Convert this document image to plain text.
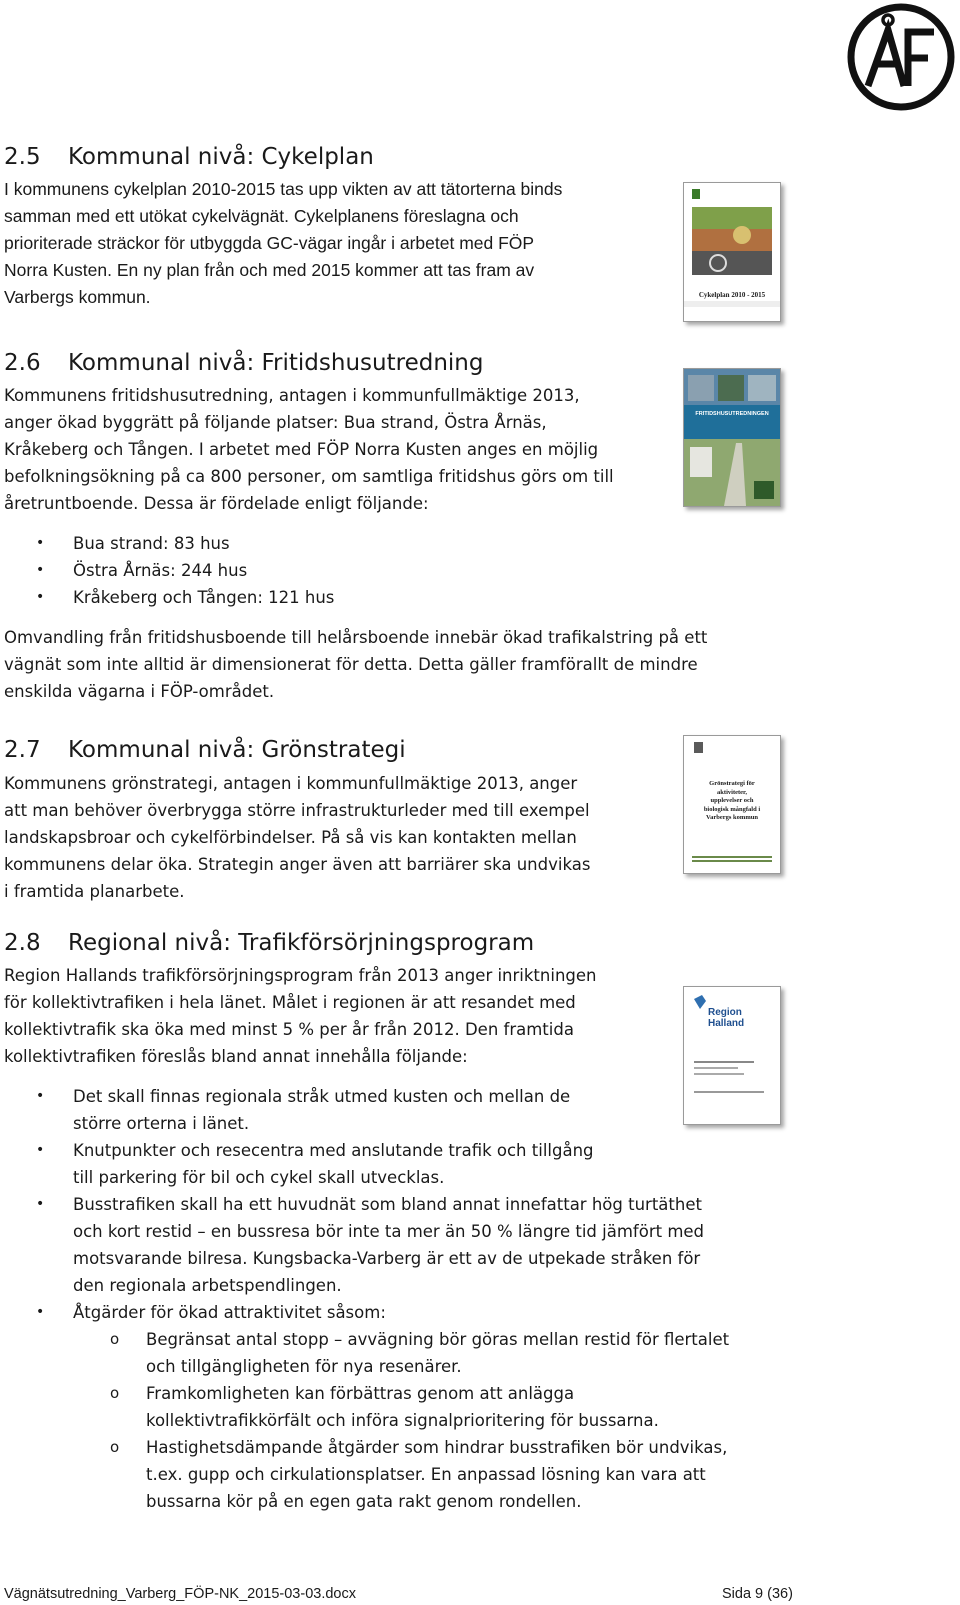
2.5 Kommunal nivå: Cykelplan

I kommunens cykelplan 2010-2015 tas upp vikten av att tätorterna binds

samman med ett utökat cykelvägnät. Cykelplanens föreslagna och

prioriterade sträckor för utbyggda GC-vägar ingår i arbetet med FÖP

Norra Kusten. En ny plan från och med 2015 kommer att tas fram av

Varbergs kommun.	Cykelplan 2010 - 2015
2.6 Kommunal nivå: Fritidshusutredning

Kommunens fritidshusutredning, antagen i kommunfullmäktige 2013,

anger ökad byggrätt på följande platser: Bua strand, Östra Årnäs,

Kråkeberg och Tången. I arbetet med FÖP Norra Kusten anges en möjlig

befolkningsökning på ca 800 personer, om samtliga fritidshus görs om till

åretruntboende. Dessa är fördelade enligt följande:

FRITIDSHUSUTREDNINGEN
• Bua strand: 83 hus
• Östra Årnäs: 244 hus
• Kråkeberg och Tången: 121 hus

Omvandling från fritidshusboende till helårsboende innebär ökad trafikalstring på ett

vägnät som inte alltid är dimensionerat för detta. Detta gäller framförallt de mindre

enskilda vägarna i FÖP-området.

2.7 Kommunal nivå: Grönstrategi

Kommunens grönstrategi, antagen i kommunfullmäktige 2013, anger

att man behöver överbrygga större infrastrukturleder med till exempel

landskapsbroar och cykelförbindelser. På så vis kan kontakten mellan

kommunens delar öka. Strategin anger även att barriärer ska undvikas

i framtida planarbete.

Grönstrategi för
aktiviteter,
upplevelser och
biologisk mångfald i
Varbergs kommun
2.8 Regional nivå: Trafikförsörjningsprogram

Region Hallands trafikförsörjningsprogram från 2013 anger inriktningen

för kollektivtrafiken i hela länet. Målet i regionen är att resandet med

kollektivtrafik ska öka med minst 5 % per år från 2012. Den framtida

kollektivtrafiken föreslås bland annat innehålla följande:

Region Halland
• Det skall finnas regionala stråk utmed kusten och mellan de
större orterna i länet.
• Knutpunkter och resecentra med anslutande trafik och tillgång
till parkering för bil och cykel skall utvecklas.
• Busstrafiken skall ha ett huvudnät som bland annat innefattar hög turtäthet
och kort restid – en bussresa bör inte ta mer än 50 % längre tid jämfört med
motsvarande bilresa. Kungsbacka-Varberg är ett av de utpekade stråken för
den regionala arbetspendlingen.
• Åtgärder för ökad attraktivitet såsom:
o Begränsat antal stopp – avvägning bör göras mellan restid för flertalet
och tillgängligheten för nya resenärer.
o Framkomligheten kan förbättras genom att anlägga
kollektivtrafikkörfält och införa signalprioritering för bussarna.
o Hastighetsdämpande åtgärder som hindrar busstrafiken bör undvikas,
t.ex. gupp och cirkulationsplatser. En anpassad lösning kan vara att
bussarna kör på en egen gata rakt genom rondellen.
Vägnätsutredning_Varberg_FÖP-NK_2015-03-03.docx	Sida 9 (36)
